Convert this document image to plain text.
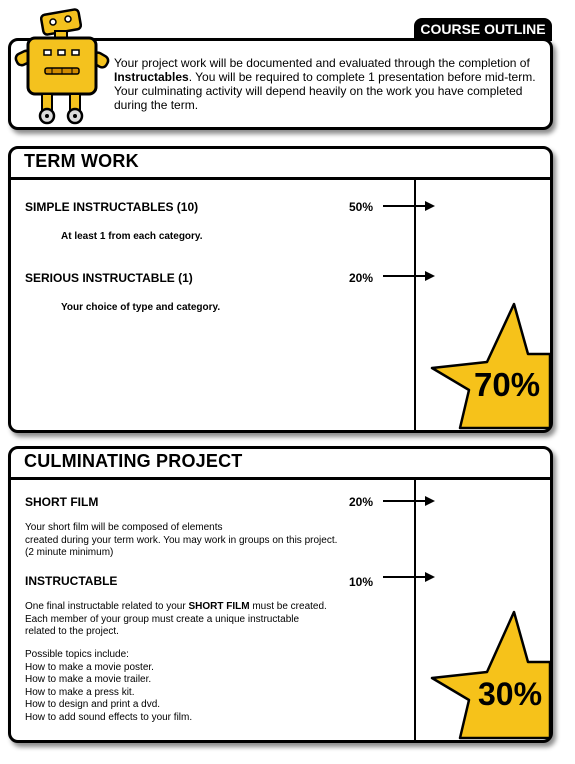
COURSE OUTLINE
Your project work will be documented and evaluated through the completion of Instructables. You will be required to complete 1 presentation before mid-term. Your culminating activity will depend heavily on the work you have completed during the term.
TERM WORK
SIMPLE INSTRUCTABLES (10)	50%
At least 1 from each category.
SERIOUS INSTRUCTABLE (1)	20%
Your choice of type and category.
70%
CULMINATING PROJECT
SHORT FILM	20%
Your short film will be composed of elements
created during your term work. You may work in groups on this project.
(2 minute minimum)
INSTRUCTABLE	10%
One final instructable related to your SHORT FILM must be created.
Each member of your group must create a unique instructable
related to the project.
Possible topics include:
How to make a movie poster.
How to make a movie trailer.
How to make a press kit.
How to design and print a dvd.
How to add sound effects to your film.
30%
